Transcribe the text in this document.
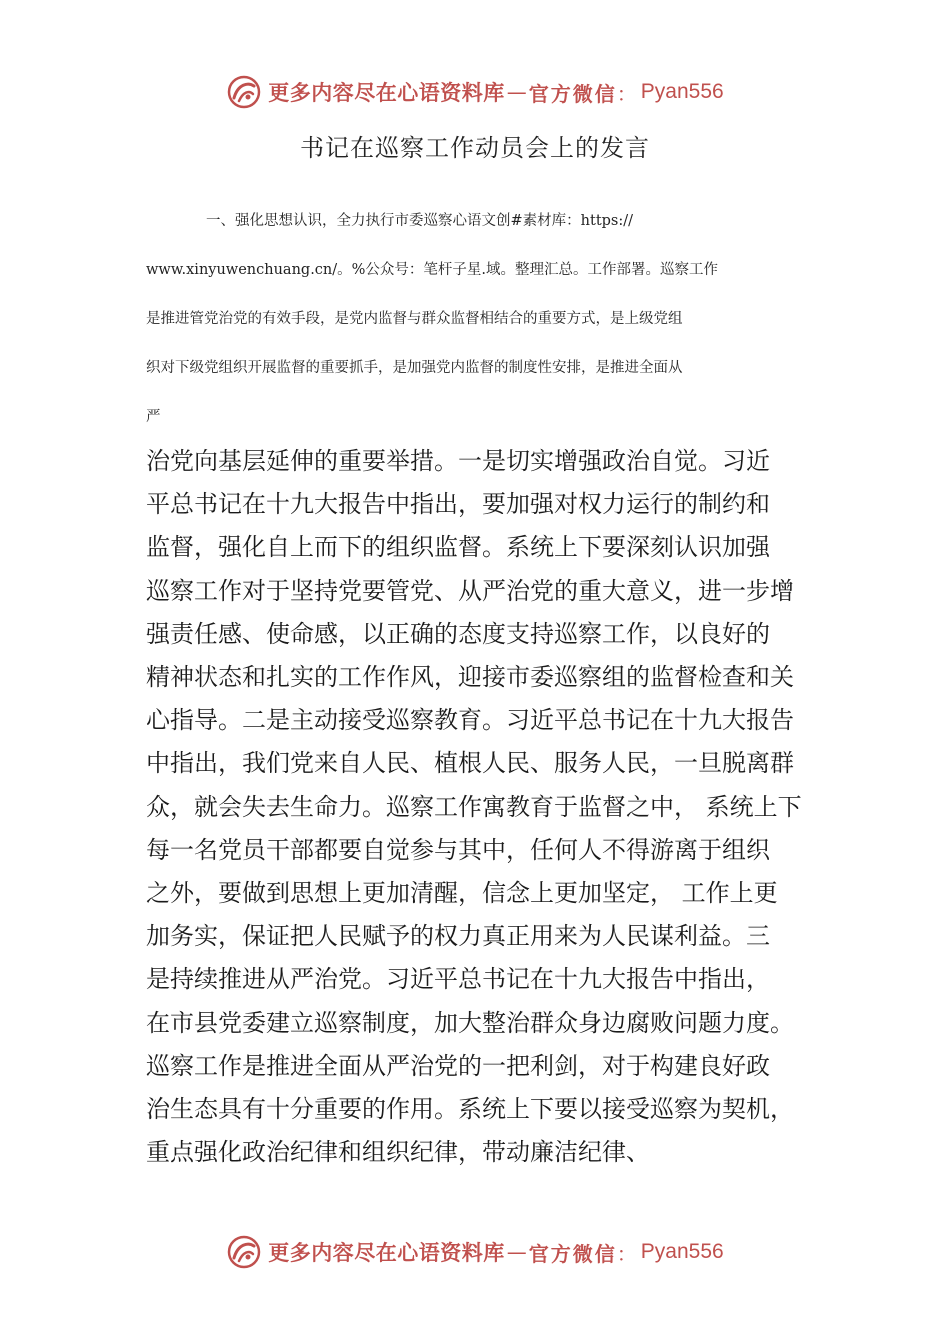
更多内容尽在心语资料库 — 官方微信 ： Pyan556
书记在巡察工作动员会上的发言
一、强化思想认识，全力执行市委巡察心语文创#素材库：https://
www.xinyuwenchuang.cn/。%公众号：笔杆子星.域。整理汇总。工作部署。巡察工作
是推进管党治党的有效手段，是党内监督与群众监督相结合的重要方式，是上级党组
织对下级党组织开展监督的重要抓手，是加强党内监督的制度性安排，是推进全面从
严
治党向基层延伸的重要举措。一是切实增强政治自觉。习近
平总书记在十九大报告中指出，要加强对权力运行的制约和
监督，强化自上而下的组织监督。系统上下要深刻认识加强
巡察工作对于坚持党要管党、从严治党的重大意义，进一步增
强责任感、使命感，以正确的态度支持巡察工作，以良好的
精神状态和扎实的工作作风，迎接市委巡察组的监督检查和关
心指导。二是主动接受巡察教育。习近平总书记在十九大报告
中指出，我们党来自人民、植根人民、服务人民，一旦脱离群
众，就会失去生命力。巡察工作寓教育于监督之中， 系统上下
每一名党员干部都要自觉参与其中，任何人不得游离于组织
之外，要做到思想上更加清醒，信念上更加坚定， 工作上更
加务实，保证把人民赋予的权力真正用来为人民谋利益。三
是持续推进从严治党。习近平总书记在十九大报告中指出，
在市县党委建立巡察制度，加大整治群众身边腐败问题力度。
巡察工作是推进全面从严治党的一把利剑，对于构建良好政
治生态具有十分重要的作用。系统上下要以接受巡察为契机，
重点强化政治纪律和组织纪律，带动廉洁纪律、
更多内容尽在心语资料库 — 官方微信 ： Pyan556
